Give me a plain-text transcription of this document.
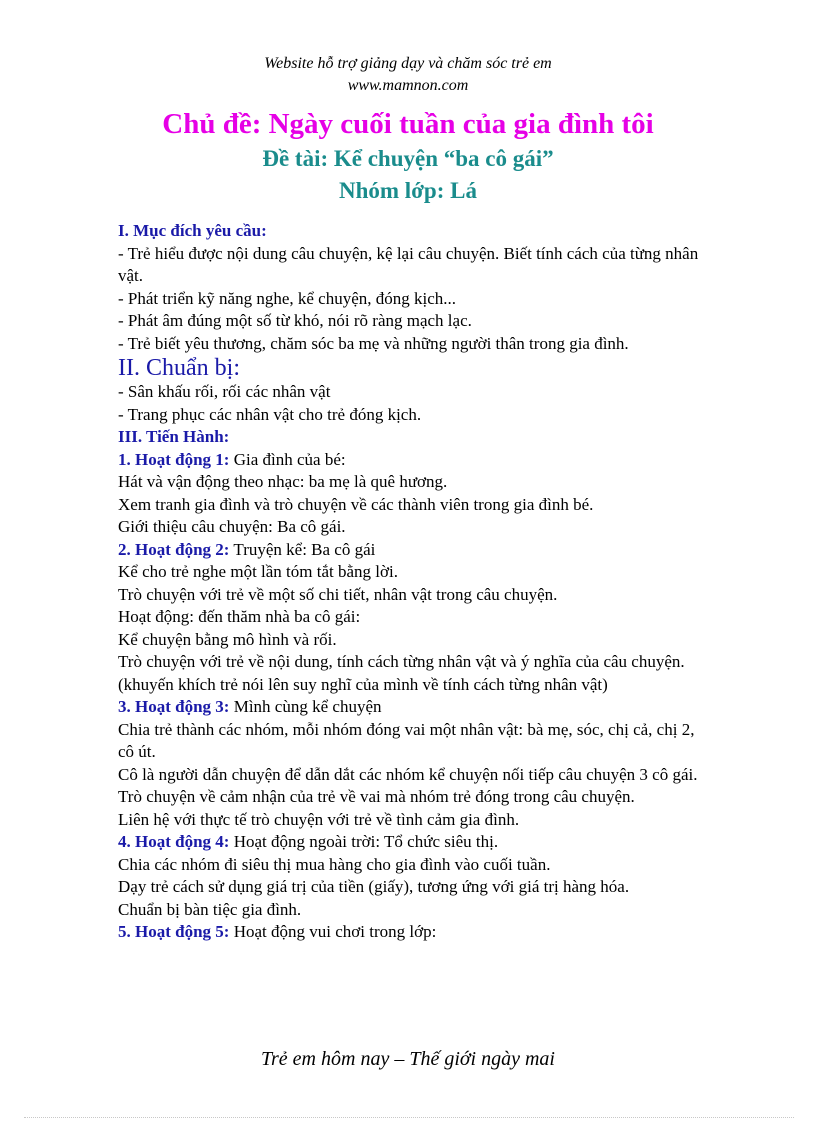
Website hỗ trợ giảng dạy và chăm sóc trẻ em
www.mamnon.com
Chủ đề: Ngày cuối tuần của gia đình tôi
Đề tài: Kể chuyện “ba cô gái”
Nhóm lớp: Lá

I. Mục đích yêu cầu:

- Trẻ hiểu được nội dung câu chuyện, kệ lại câu chuyện. Biết tính cách của từng nhân vật.

- Phát triển kỹ năng nghe, kể chuyện, đóng kịch...

- Phát âm đúng một số từ khó, nói rõ ràng mạch lạc.

- Trẻ biết yêu thương, chăm sóc ba mẹ và những người thân trong gia đình.

II. Chuẩn bị:

- Sân khấu rối, rối các nhân vật

- Trang phục các nhân vật cho trẻ đóng kịch.

III. Tiến Hành:

1. Hoạt động 1: Gia đình của bé:

Hát và vận động theo nhạc: ba mẹ là quê hương.

Xem tranh gia đình và trò chuyện về các thành viên trong gia đình bé.

Giới thiệu câu chuyện: Ba cô gái.

2. Hoạt động 2: Truyện kể: Ba cô gái

Kể cho trẻ nghe một lần tóm tắt bằng lời.

Trò chuyện với trẻ về một số chi tiết, nhân vật trong câu chuyện.

Hoạt động: đến thăm nhà ba cô gái:

Kể chuyện bằng mô hình và rối.

Trò chuyện với trẻ về nội dung, tính cách từng nhân vật và ý nghĩa của câu chuyện. (khuyến khích trẻ nói lên suy nghĩ của mình về tính cách từng nhân vật)

3. Hoạt động 3: Mình cùng kể chuyện

Chia trẻ thành các nhóm, mỗi nhóm đóng vai một nhân vật: bà mẹ, sóc, chị cả, chị 2, cô út.

Cô là người dẫn chuyện để dẫn dắt các nhóm kể chuyện nối tiếp câu chuyện 3 cô gái.

Trò chuyện về cảm nhận của trẻ về vai mà nhóm trẻ đóng trong câu chuyện.

Liên hệ với thực tế trò chuyện với trẻ về tình cảm gia đình.

4. Hoạt động 4: Hoạt động ngoài trời: Tổ chức siêu thị.

Chia các nhóm đi siêu thị mua hàng cho gia đình vào cuối tuần.

Dạy trẻ cách sử dụng giá trị của tiền (giấy), tương ứng với giá trị hàng hóa.

Chuẩn bị bàn tiệc gia đình.

5. Hoạt động 5: Hoạt động vui chơi trong lớp:

Trẻ em hôm nay – Thế giới ngày mai
